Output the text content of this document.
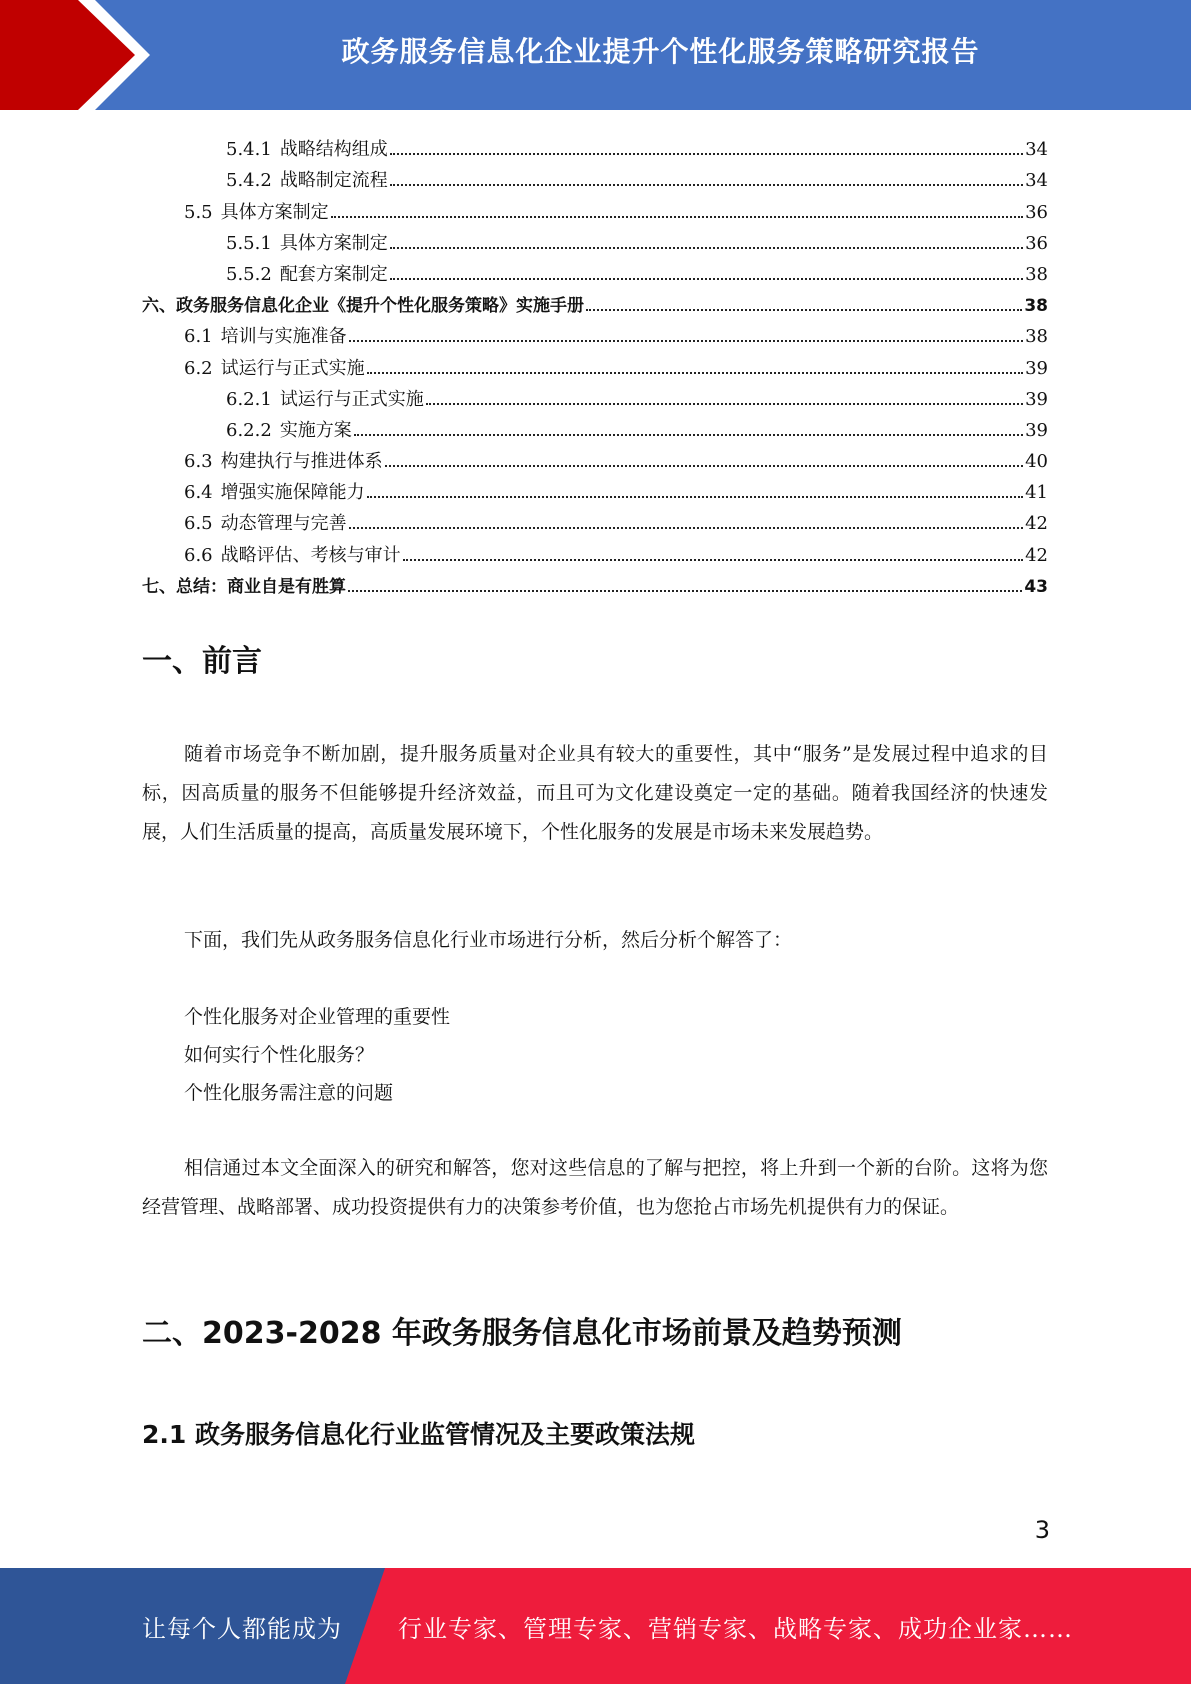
政务服务信息化企业提升个性化服务策略研究报告
5.4.1 战略结构组成	34
5.4.2 战略制定流程	34
5.5 具体方案制定	36
5.5.1 具体方案制定	36
5.5.2 配套方案制定	38
六、政务服务信息化企业《提升个性化服务策略》实施手册	38
6.1 培训与实施准备	38
6.2 试运行与正式实施	39
6.2.1 试运行与正式实施	39
6.2.2 实施方案	39
6.3 构建执行与推进体系	40
6.4 增强实施保障能力	41
6.5 动态管理与完善	42
6.6 战略评估、考核与审计	42
七、总结：商业自是有胜算	43
一、前言

随着市场竞争不断加剧，提升服务质量对企业具有较大的重要性，其中“服务”是发展过程中追求的目标，因高质量的服务不但能够提升经济效益，而且可为文化建设奠定一定的基础。随着我国经济的快速发展，人们生活质量的提高，高质量发展环境下，个性化服务的发展是市场未来发展趋势。

下面，我们先从政务服务信息化行业市场进行分析，然后分析个解答了：

个性化服务对企业管理的重要性
如何实行个性化服务？
个性化服务需注意的问题

相信通过本文全面深入的研究和解答，您对这些信息的了解与把控，将上升到一个新的台阶。这将为您经营管理、战略部署、成功投资提供有力的决策参考价值，也为您抢占市场先机提供有力的保证。

二、2023-2028 年政务服务信息化市场前景及趋势预测
2.1 政务服务信息化行业监管情况及主要政策法规
3
让每个人都能成为 行业专家、管理专家、营销专家、战略专家、成功企业家……
